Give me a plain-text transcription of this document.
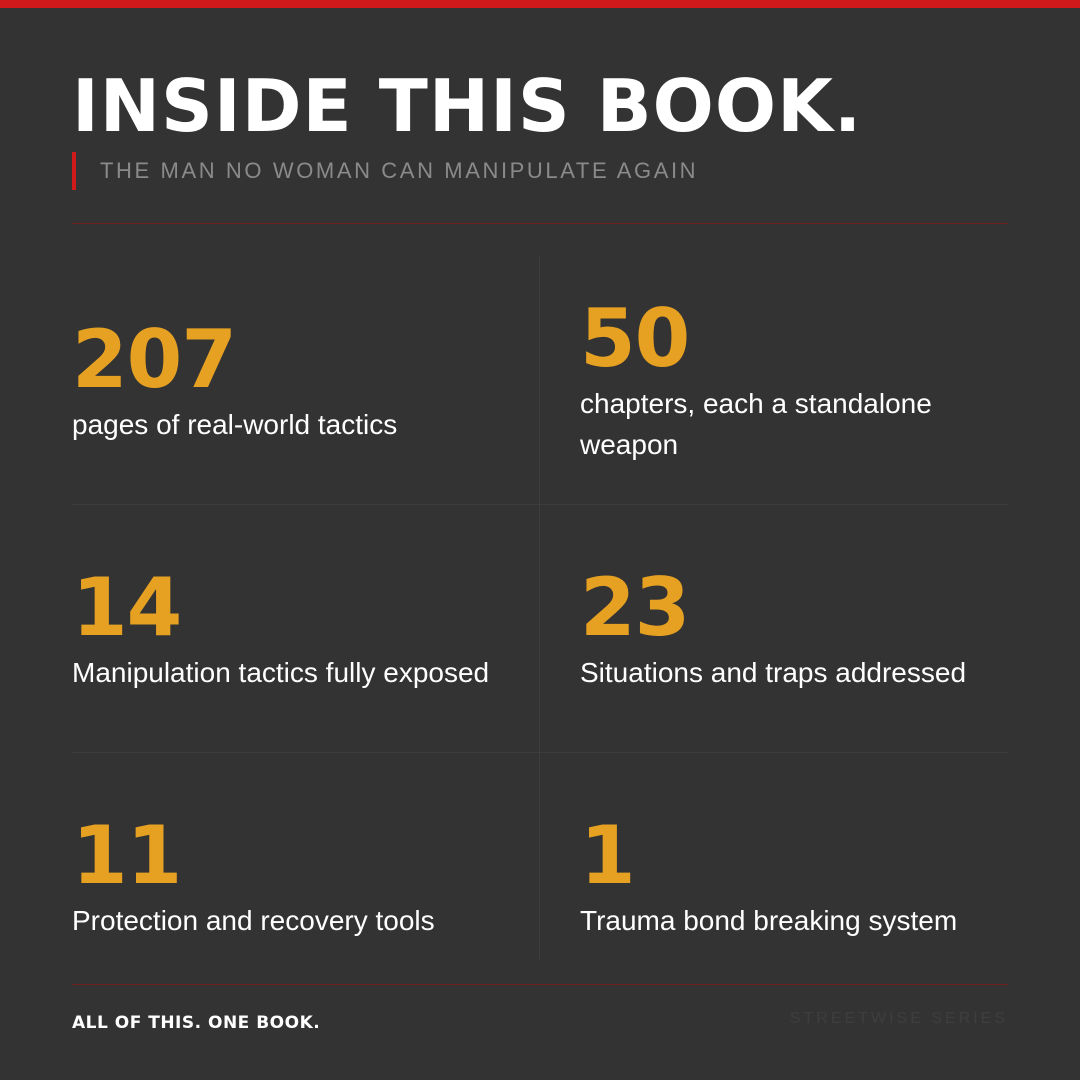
INSIDE THIS BOOK.
THE MAN NO WOMAN CAN MANIPULATE AGAIN
207
pages of real-world tactics
50
chapters, each a standalone weapon
14
Manipulation tactics fully exposed
23
Situations and traps addressed
11
Protection and recovery tools
1
Trauma bond breaking system
ALL OF THIS. ONE BOOK.	STREETWISE SERIES
